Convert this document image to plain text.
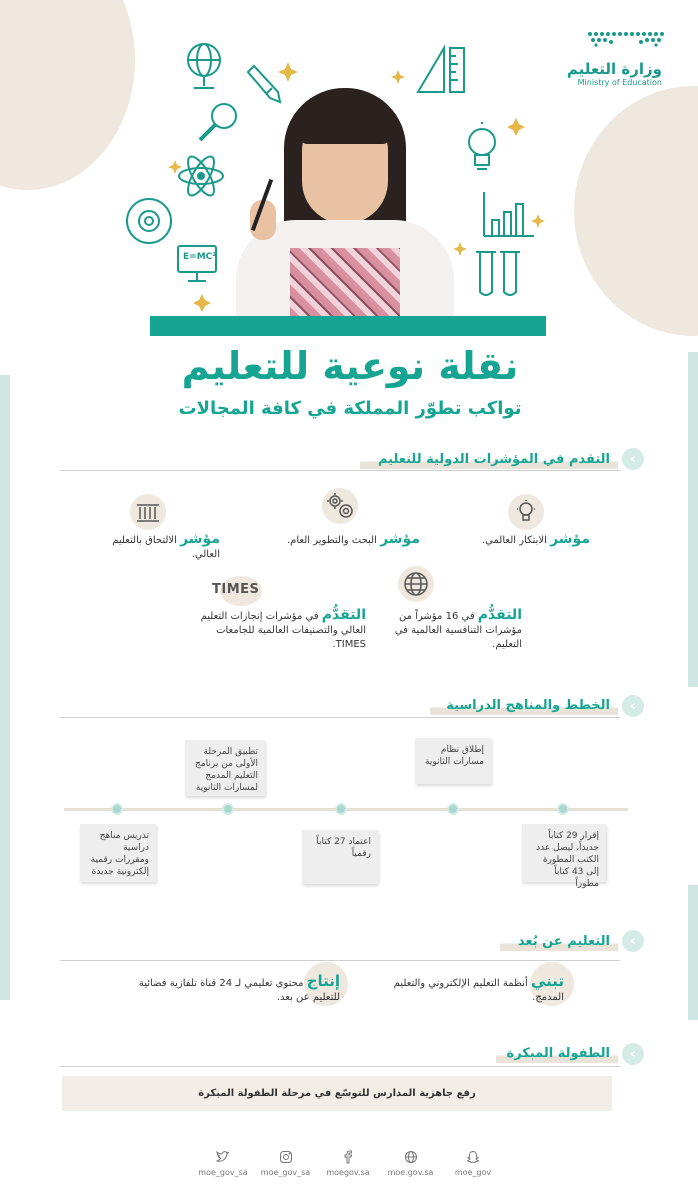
وزارة التعليم
Ministry of Education
E=MC²
نقلة نوعية للتعليم
تواكب تطوّر المملكة في كافة المجالات
‹
التقدم في المؤشرات الدولية للتعليم
مؤشر الابتكار العالمي.
مؤشر البحث والتطوير العام.
مؤشر الالتحاق بالتعليم العالي.
التقدُّم في 16 مؤشراً من مؤشرات التنافسية العالمية في التعليم.
TIMES
التقدُّم في مؤشرات إنجازات التعليم العالي والتصنيفات العالمية للجامعات TIMES.
‹
الخطط والمناهج الدراسية
تطبيق المرحلة الأولى من برنامج التعليم المدمج لمسارات الثانوية
إطلاق نظام مسارات الثانوية
تدريس مناهج دراسية ومقررات رقمية إلكترونية جديدة
اعتماد 27 كتاباً رقمياً
إقرار 29 كتاباً جديداً، ليصل عدد الكتب المطورة إلى 43 كتاباً مطوراً
‹
التعليم عن بُعد
تبني أنظمة التعليم الإلكتروني والتعليم المدمج.
إنتاج محتوى تعليمي لـ 24 قناة تلفازية فضائية للتعليم عن بعد.
‹
الطفولة المبكرة
رفع جاهزية المدارس للتوسّع في مرحلة الطفولة المبكرة
moe_gov_sa moe_gov_sa	moegov.sa	moe.gov.sa	moe_gov
